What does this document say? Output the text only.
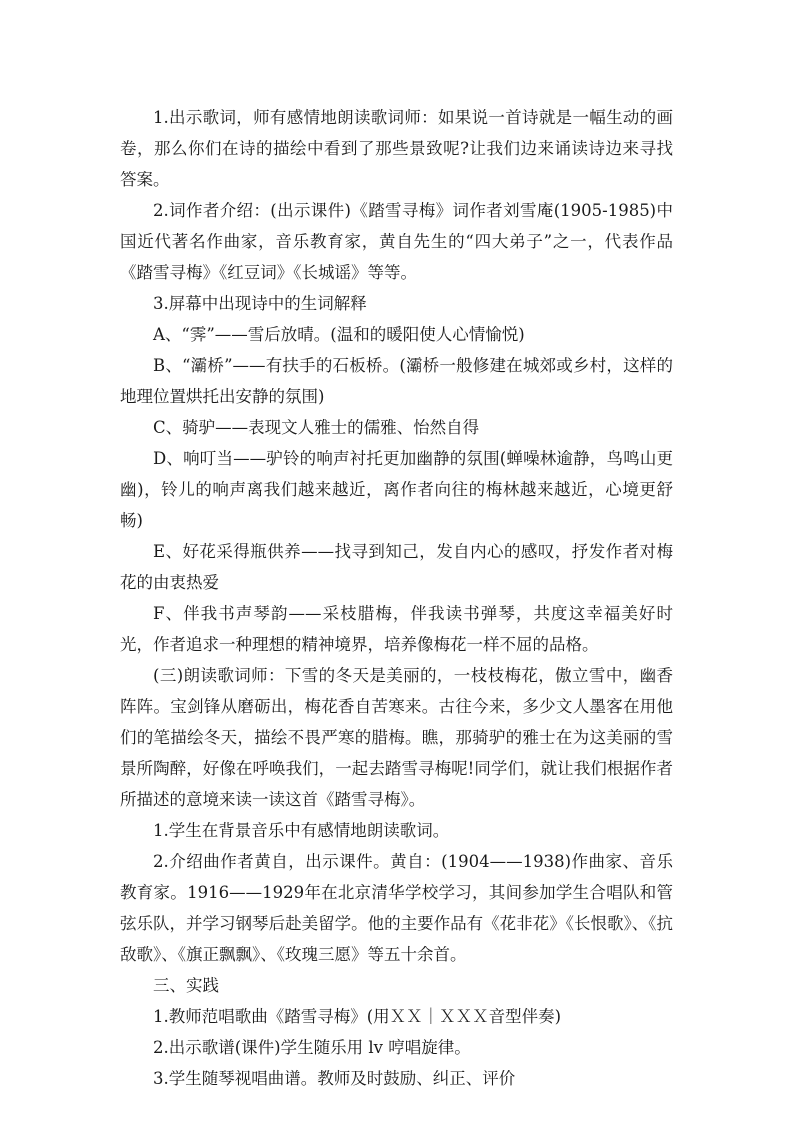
1.出示歌词，师有感情地朗读歌词师：如果说一首诗就是一幅生动的画卷，那么你们在诗的描绘中看到了那些景致呢?让我们边来诵读诗边来寻找答案。

2.词作者介绍：(出示课件)《踏雪寻梅》词作者刘雪庵(1905-1985)中国近代著名作曲家，音乐教育家，黄自先生的“四大弟子”之一，代表作品《踏雪寻梅》《红豆词》《长城谣》等等。

3.屏幕中出现诗中的生词解释

A、“霁”——雪后放晴。(温和的暖阳使人心情愉悦)

B、“灞桥”——有扶手的石板桥。(灞桥一般修建在城郊或乡村，这样的地理位置烘托出安静的氛围)

C、骑驴——表现文人雅士的儒雅、怡然自得

D、响叮当——驴铃的响声衬托更加幽静的氛围(蝉噪林逾静，鸟鸣山更幽)，铃儿的响声离我们越来越近，离作者向往的梅林越来越近，心境更舒畅)

E、好花采得瓶供养——找寻到知己，发自内心的感叹，抒发作者对梅花的由衷热爱

F、伴我书声琴韵——采枝腊梅，伴我读书弹琴，共度这幸福美好时光，作者追求一种理想的精神境界，培养像梅花一样不屈的品格。

(三)朗读歌词师：下雪的冬天是美丽的，一枝枝梅花，傲立雪中，幽香阵阵。宝剑锋从磨砺出，梅花香自苦寒来。古往今来，多少文人墨客在用他们的笔描绘冬天，描绘不畏严寒的腊梅。瞧，那骑驴的雅士在为这美丽的雪景所陶醉，好像在呼唤我们，一起去踏雪寻梅呢!同学们，就让我们根据作者所描述的意境来读一读这首《踏雪寻梅》。

1.学生在背景音乐中有感情地朗读歌词。

2.介绍曲作者黄自，出示课件。黄自：(1904——1938)作曲家、音乐教育家。1916——1929年在北京清华学校学习，其间参加学生合唱队和管弦乐队，并学习钢琴后赴美留学。他的主要作品有《花非花》《长恨歌》、《抗敌歌》、《旗正飘飘》、《玫瑰三愿》等五十余首。

三、实践

1.教师范唱歌曲《踏雪寻梅》(用ＸＸ｜ＸＸＸ音型伴奏)

2.出示歌谱(课件)学生随乐用 lv 哼唱旋律。

3.学生随琴视唱曲谱。教师及时鼓励、纠正、评价
